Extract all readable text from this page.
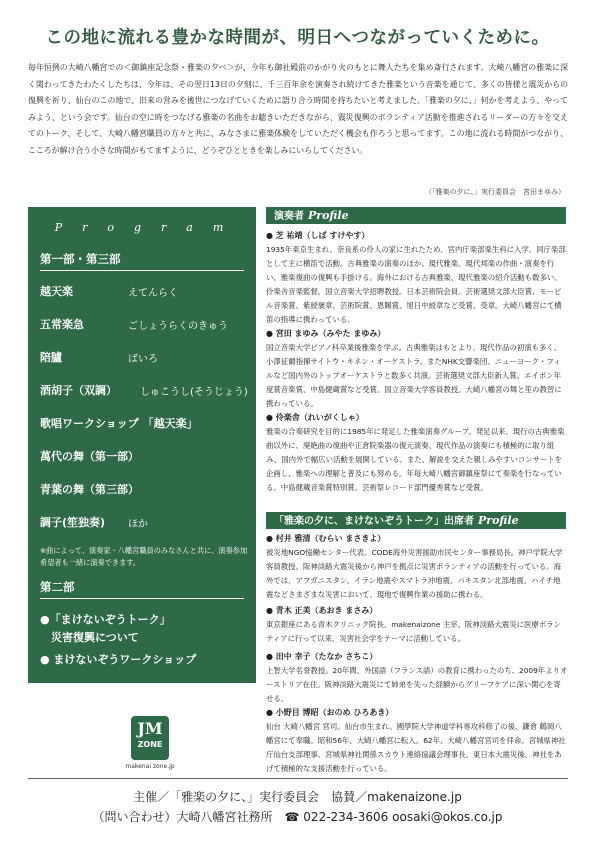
この地に流れる豊かな時間が、明日へつながっていくために。

毎年恒例の大崎八幡宮での＜御鎮座記念祭・雅楽の夕べ＞が、今年も御社殿前のかがり火のもとに舞人たちを集め斎行されます。大崎八幡宮の雅楽に深く関わってきたわたくしたちは、今年は、その翌日13日の夕刻に、千三百年余を演奏され続けてきた雅楽という音楽を通じて、多くの皆様と震災からの復興を祈り、仙台のこの地で、旧来の営みを後世につなげていくために語り合う時間を持ちたいと考えました。「雅楽の夕に、」何かを考えよう、やってみよう、という会です。仙台の空に時をつなげる雅楽の名曲をお聴きいただきながら、震災復興のボランティア活動を推進されるリーダーの方々を交えてのトーク、そして、大崎八幡宮職員の方々と共に、みなさまに雅楽体験をしていただく機会も作ろうと思ってます。この地に流れる時間がつながり、こころが解け合う小さな時間がもてますように、どうぞひとときを楽しみにいらしてください。

（「雅楽の夕に、」実行委員会　宮田まゆみ）
Program
第一部・第三部
越天楽	えてんらく
五常楽急	ごしょうらくのきゅう
陪臚	ばいろ
酒胡子（双調） しゅこうし(そうじょう)
歌唱ワークショップ 「越天楽」
萬代の舞（第一部）
青葉の舞（第三部）
調子(笙独奏) ほか
※曲によって、演奏家・八幡宮職員のみなさんと共に、演奏参加希望者も一緒に演奏できます。
第二部
●「まけないぞうトーク」
　災害復興について
● まけないぞうワークショップ
JM
ZONE
makenai zone.jp
演奏者 Profile
● 芝 祐靖（しば すけやす）
1935年東京生まれ。奈良系の伶人の家に生れたため、宮内庁楽部楽生科に入学。同庁楽部として主に横笛で活動。古典雅楽の演奏のほか、現代雅楽、現代邦楽の作曲・演奏を行い、雅楽復曲の復興も手掛ける。海外における古典雅楽、現代雅楽の紹介活動も数多い。伶楽舎音楽監督。国立音楽大学招聘教授。日本芸術院会員。芸術選奨文部大臣賞、モービル音楽賞、紫綬褒章、芸術院賞、恩賜賞、旭日中綬章など受賞、受章。大崎八幡宮にて横笛の指導に携わっている。
● 宮田 まゆみ（みやた まゆみ）
国立音楽大学ピアノ科卒業後雅楽を学ぶ。古典雅楽はもとより、現代作品の初演も多く、小澤征爾指揮サイトウ・キネン・オーケストラ、またNHK交響楽団、ニューヨーク・フィルなど国内外のトップオーケストラと数多く共演。芸術選奨文部大臣新人賞、エイボン年度賞音楽賞、中島健蔵賞など受賞。国立音楽大学客員教授。大崎八幡宮の舞と笙の教習に携わっている。
● 伶楽舎（れいがくしゃ）
雅楽の合奏研究を目的に1985年に発足した雅楽演奏グループ。発足以来、現行の古典雅楽曲以外に、廃絶曲の復曲や正倉院楽器の復元演奏、現代作品の演奏にも積極的に取り組み、国内外で幅広い活動を展開している。また、解説を交えた親しみやすいコンサートを企画し、雅楽への理解と普及にも努める。年毎大崎八幡宮御鎮座祭にて奏楽を行なっている。中島健蔵音楽賞特別賞、芸術祭レコード部門優秀賞など受賞。
「雅楽の夕に、まけないぞうトーク」出席者 Profile
● 村井 雅清（むらい まさきよ）
被災地NGO恊働センター代表。CODE海外災害援助市民センター事務局長。神戸学院大学客員教授。阪神淡路大震災後から神戸を拠点に災害ボランティアの活動を行っている。海外では、アフガニスタン、イラン地震やスマトラ沖地震、パキスタン北部地震、ハイチ地震などさまざまな災害において、現地で復興作業の援助に携わる。
● 青木 正美（あおき まさみ）
東京銀座にある青木クリニック院長、makenaizone 主宰。阪神淡路大震災に医療ボランティアに行って以来、災害社会学をテーマに活動している。
● 田中 幸子（たなか さちこ）
上智大学名誉教授。20年間、外国語（フランス語）の教育に携わったのち、2009年よりオーストリア在住。阪神淡路大震災にて姉弟を失った経験からグリーフケアに深い関心を寄せる。
● 小野目 博昭（おのめ ひろあき）
仙台 大崎八幡宮 宮司。仙台市生まれ。國學院大学神道学科専攻科修了の後、鎌倉 鶴岡八幡宮にて奉職。昭和56年、大崎八幡宮に転入。62年、大崎八幡宮宮司を拝命。宮城県神社庁仙台支部理事。宮城県神社関係スカウト連絡協議会理事長。東日本大震災後、神社をあげて積極的な支援活動を行っている。
主催／「雅楽の夕に、」実行委員会　協賛／makenaizone.jp
（問い合わせ）大崎八幡宮社務所 ☎ 022-234-3606 oosaki@okos.co.jp
